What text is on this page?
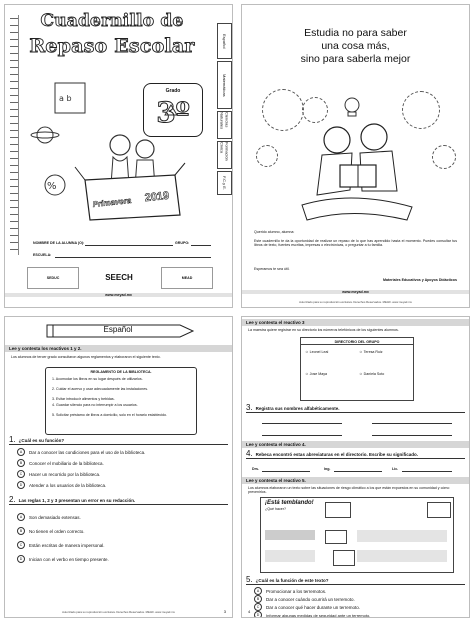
Cuadernillo de
Repaso Escolar	Español
Matemáticas
Ciencias Naturales
Formación Cívica
F.C.y E.
Grado
3º
a b
%
Primavera	2019
NOMBRE DE LA ALUMNA (O):	GRUPO:
ESCUELA:
SEDUC	SEECH	MEAD
www.meyad.mx
Estudia no para saber
una cosa más,
sino para saberla mejor
Querido alumno, alumna:
Este cuadernillo te da la oportunidad de realizar un repaso de lo que has aprendido hasta el momento. Puedes consultar tus libros de texto, fuentes escritas, impresas o electrónicas, o preguntar a tu familia.
Esperamos te sea útil.
Materiales Educativos y Apoyos Didácticos
www.meyad.mx
Autorizado para su reproducción exclusiva. Derechos Reservados. MEAD. www.meyad.mx
Español
Lee y contesta los reactivos 1 y 2.
Los alumnos de tercer grado consultaron algunos reglamentos y elaboraron el siguiente texto.
REGLAMENTO DE LA BIBLIOTECA.
1. Acomodar los libros en su lugar después de utilizarlos.
2. Cuidar el acervo y usar adecuadamente las instalaciones.
3. Evitar introducir alimentos y bebidas.
4. Guardar silencio para no interrumpir a los usuarios.
5. Solicitar préstamo de libros a domicilio, solo en el horario establecido.
1. ¿Cuál es su función?
A	Dar a conocer las condiciones para el uso de la biblioteca.
B	Conocer el mobiliario de la biblioteca.
C	Hacer un recorrido por la biblioteca.
D	Atender a los usuarios de la biblioteca.
2. Las reglas 1, 2 y 3 presentan un error en su redacción.
A	Son demasiado extensas.
B	No tienen el orden correcto.
C	Están escritas de manera impersonal.
D	Inician con el verbo en tiempo presente.
Autorizado para su reproducción exclusiva. Derechos Reservados. MEAD. www.meyad.mx	3
Lee y contesta el reactivo 3
La maestra quiere registrar en su directorio los números telefónicos de los siguientes alumnos.
DIRECTORIO DEL GRUPO
☺ Leonel Leal	☺ Teresa Ruiz
☺ Jose Maya	☺ Daniela Soto
3. Registra sus nombres alfabéticamente.
Lee y contesta el reactivo 4.
4. Rebeca encontró estas abreviaturas en el directorio. Escribe su significado.
Drs.	Ing.	Lic.
Lee y contesta el reactivo 5.
Los alumnos elaboraron un texto sobre las situaciones de riesgo climático a los que están expuestos en su comunidad y cómo prevenirlos.
¡Está temblando!
¿Qué hacer?
5. ¿Cuál es la función de este texto?
A	Promocionar a los terremotos.
B	Dar a conocer cuándo ocurrirá un terremoto.
C	Dar a conocer qué hacer durante un terremoto.
D	Informar algunas medidas de seguridad ante un terremoto.
4
